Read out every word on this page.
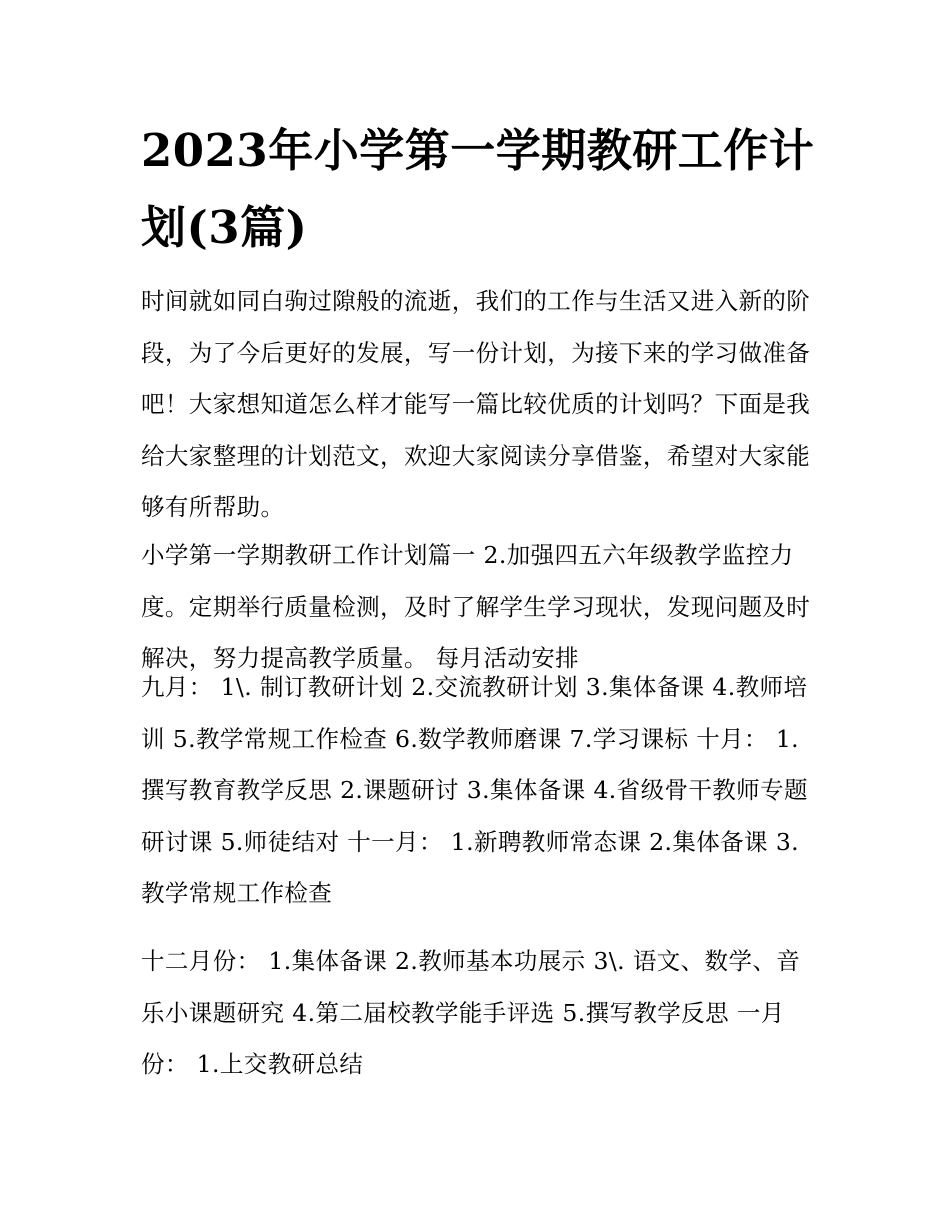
2023年小学第一学期教研工作计划(3篇)

时间就如同白驹过隙般的流逝，我们的工作与生活又进入新的阶段，为了今后更好的发展，写一份计划，为接下来的学习做准备吧！大家想知道怎么样才能写一篇比较优质的计划吗？下面是我给大家整理的计划范文，欢迎大家阅读分享借鉴，希望对大家能够有所帮助。

小学第一学期教研工作计划篇一 2.加强四五六年级教学监控力度。定期举行质量检测，及时了解学生学习现状，发现问题及时解决，努力提高教学质量。 每月活动安排

九月： 1\. 制订教研计划 2.交流教研计划 3.集体备课 4.教师培训 5.教学常规工作检查 6.数学教师磨课 7.学习课标 十月： 1.撰写教育教学反思 2.课题研讨 3.集体备课 4.省级骨干教师专题研讨课 5.师徒结对 十一月： 1.新聘教师常态课 2.集体备课 3.教学常规工作检查

十二月份： 1.集体备课 2.教师基本功展示 3\. 语文、数学、音乐小课题研究 4.第二届校教学能手评选 5.撰写教学反思 一月份： 1.上交教研总结
